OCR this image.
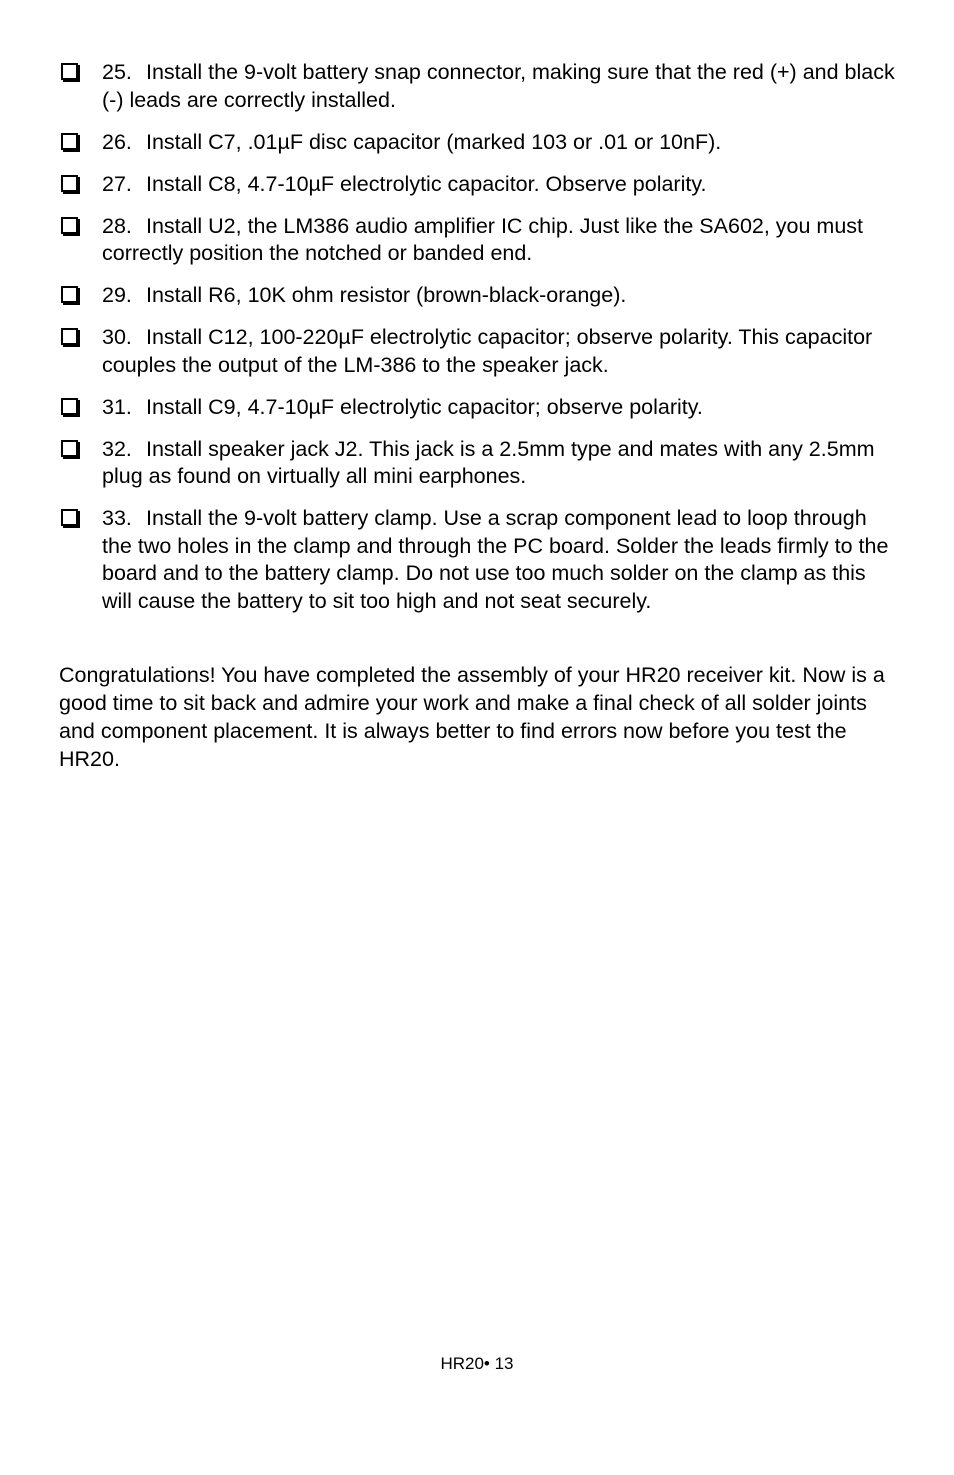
25. Install the 9-volt battery snap connector, making sure that the red (+) and black (-) leads are correctly installed.
26. Install C7, .01µF disc capacitor (marked 103 or .01 or 10nF).
27. Install C8, 4.7-10µF electrolytic capacitor. Observe polarity.
28. Install U2, the LM386 audio amplifier IC chip. Just like the SA602, you must correctly position the notched or banded end.
29. Install R6, 10K ohm resistor (brown-black-orange).
30. Install C12, 100-220µF electrolytic capacitor; observe polarity. This capacitor couples the output of the LM-386 to the speaker jack.
31. Install C9, 4.7-10µF electrolytic capacitor; observe polarity.
32. Install speaker jack J2. This jack is a 2.5mm type and mates with any 2.5mm plug as found on virtually all mini earphones.
33. Install the 9-volt battery clamp. Use a scrap component lead to loop through the two holes in the clamp and through the PC board. Solder the leads firmly to the board and to the battery clamp. Do not use too much solder on the clamp as this will cause the battery to sit too high and not seat securely.

Congratulations! You have completed the assembly of your HR20 receiver kit. Now is a good time to sit back and admire your work and make a final check of all solder joints and component placement. It is always better to find errors now before you test the HR20.

HR20• 13
